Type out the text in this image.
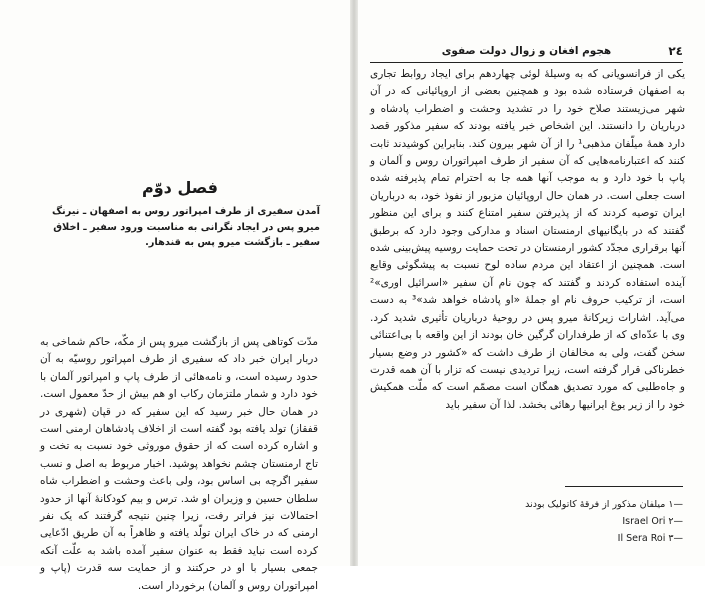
فصل دوّم

آمدن سفیری از طرف امپراتور روس به اصفهان ـ نیرنگ میرو پس در ایجاد نگرانی به مناسبت ورود سفیر ـ اخلاق سفیر ـ بازگشت میرو پس به قندهار.

مدّت کوتاهی پس از بازگشت میرو پس از مکّه، حاکم شماخی به دربار ایران خبر داد که سفیری از طرف امپراتور روسیّه به آن حدود رسیده است، و نامه‌هائی از طرف پاپ و امپراتور آلمان با خود دارد و شمار ملتزمان رکاب او هم بیش از حدّ معمول است. در همان حال خبر رسید که این سفیر که در قپان (شهری در قفقاز) تولد یافته بود گفته است از اخلاف پادشاهان ارمنی است و اشاره کرده است که از حقوق موروثی خود نسبت به تخت و تاج ارمنستان چشم نخواهد پوشید. اخبار مربوط به اصل و نسب سفیر اگرچه بی اساس بود، ولی باعث وحشت و اضطراب شاه سلطان حسین و وزیران او شد. ترس و بیم کودکانهٔ آنها از حدود احتمالات نیز فراتر رفت، زیرا چنین نتیجه گرفتند که یک نفر ارمنی که در خاک ایران تولّد یافته و ظاهراً به آن طریق ادّعایی کرده است نباید فقط به عنوان سفیر آمده باشد به علّت آنکه جمعی بسیار با او در حرکتند و از حمایت سه قدرت (پاپ و امپراتوران روس و آلمان) برخوردار است.

٢٤
هجوم افغان و زوال دولت صفوی

یکی از فرانسویانی که به وسیلهٔ لوئی چهاردهم برای ایجاد روابط تجاری به اصفهان فرستاده شده بود و همچنین بعضی از اروپائیانی که در آن شهر می‌زیستند صلاح خود را در تشدید وحشت و اضطراب پادشاه و درباریان را دانستند. این اشخاص خبر یافته بودند که سفیر مذکور قصد دارد همهٔ میلّفان مذهبی¹ را از آن شهر بیرون کند. بنابراین کوشیدند ثابت کنند که اعتبارنامه‌هایی که آن سفیر از طرف امپراتوران روس و آلمان و پاپ با خود دارد و به موجب آنها همه جا به احترام تمام پذیرفته شده است جعلی است. در همان حال اروپائیان مزبور از نفوذ خود، به درباریان ایران توصیه کردند که از پذیرفتن سفیر امتناع کنند و برای این منظور گفتند که در بایگانیهای ارمنستان اسناد و مدارکی وجود دارد که برطبق آنها برقراری مجدّد کشور ارمنستان در تحت حمایت روسیه پیش‌بینی شده است. همچنین از اعتقاد این مردم ساده لوح نسبت به پیشگوئی وقایع آینده استفاده کردند و گفتند که چون نام آن سفیر «اسرائیل اوری»² است، از ترکیب حروف نام او جملهٔ «او پادشاه خواهد شد»³ به دست می‌آید. اشارات زیرکانهٔ میرو پس در روحیهٔ درباریان تأثیری شدید کرد. وی با عدّه‌ای که از طرفداران گرگین خان بودند از این واقعه با بی‌اعتنائی سخن گفت، ولی به مخالفان از طرف داشت که «کشور در وضع بسیار خطرناکی قرار گرفته است، زیرا تردیدی نیست که تزار با آن همه قدرت و جاه‌طلبی که مورد تصدیق همگان است مصمّم است که ملّت همکیش خود را از زیر یوغ ایرانیها رهائی بخشد. لذا آن سفیر باید

—۱ میلفان مذکور از فرقهٔ کاتولیک بودند
—۲ Israel Ori
—۳ Il Sera Roi
